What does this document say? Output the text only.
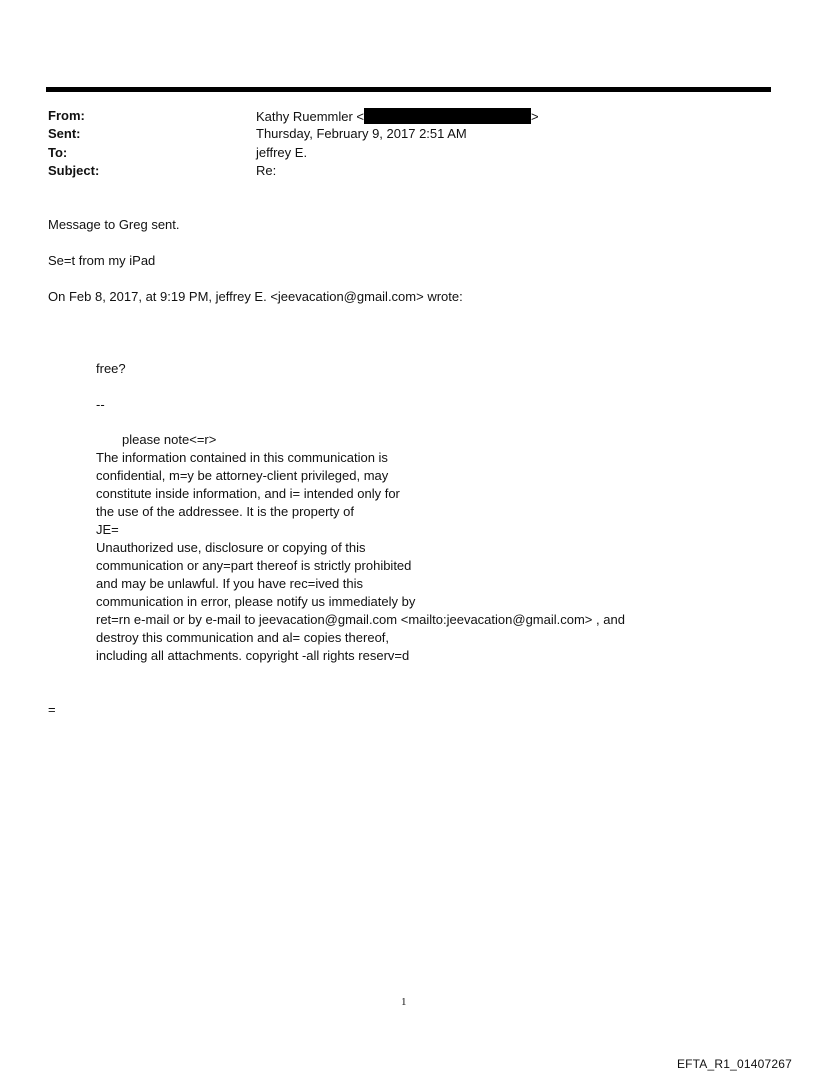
From:	Kathy Ruemmler <	>
Sent:	Thursday, February 9, 2017 2:51 AM
To:	jeffrey E.
Subject:	Re:
Message to Greg sent.
Se=t from my iPad
On Feb 8, 2017, at 9:19 PM, jeffrey E. <jeevacation@gmail.com> wrote:
free?
--
please note<=r>
The information contained in this communication is
confidential, m=y be attorney-client privileged, may
constitute inside information, and i= intended only for
the use of the addressee. It is the property of
JE=
Unauthorized use, disclosure or copying of this
communication or any=part thereof is strictly prohibited
and may be unlawful. If you have rec=ived this
communication in error, please notify us immediately by
ret=rn e-mail or by e-mail to jeevacation@gmail.com <mailto:jeevacation@gmail.com> , and
destroy this communication and al= copies thereof,
including all attachments. copyright -all rights reserv=d
=
1
EFTA_R1_01407267
